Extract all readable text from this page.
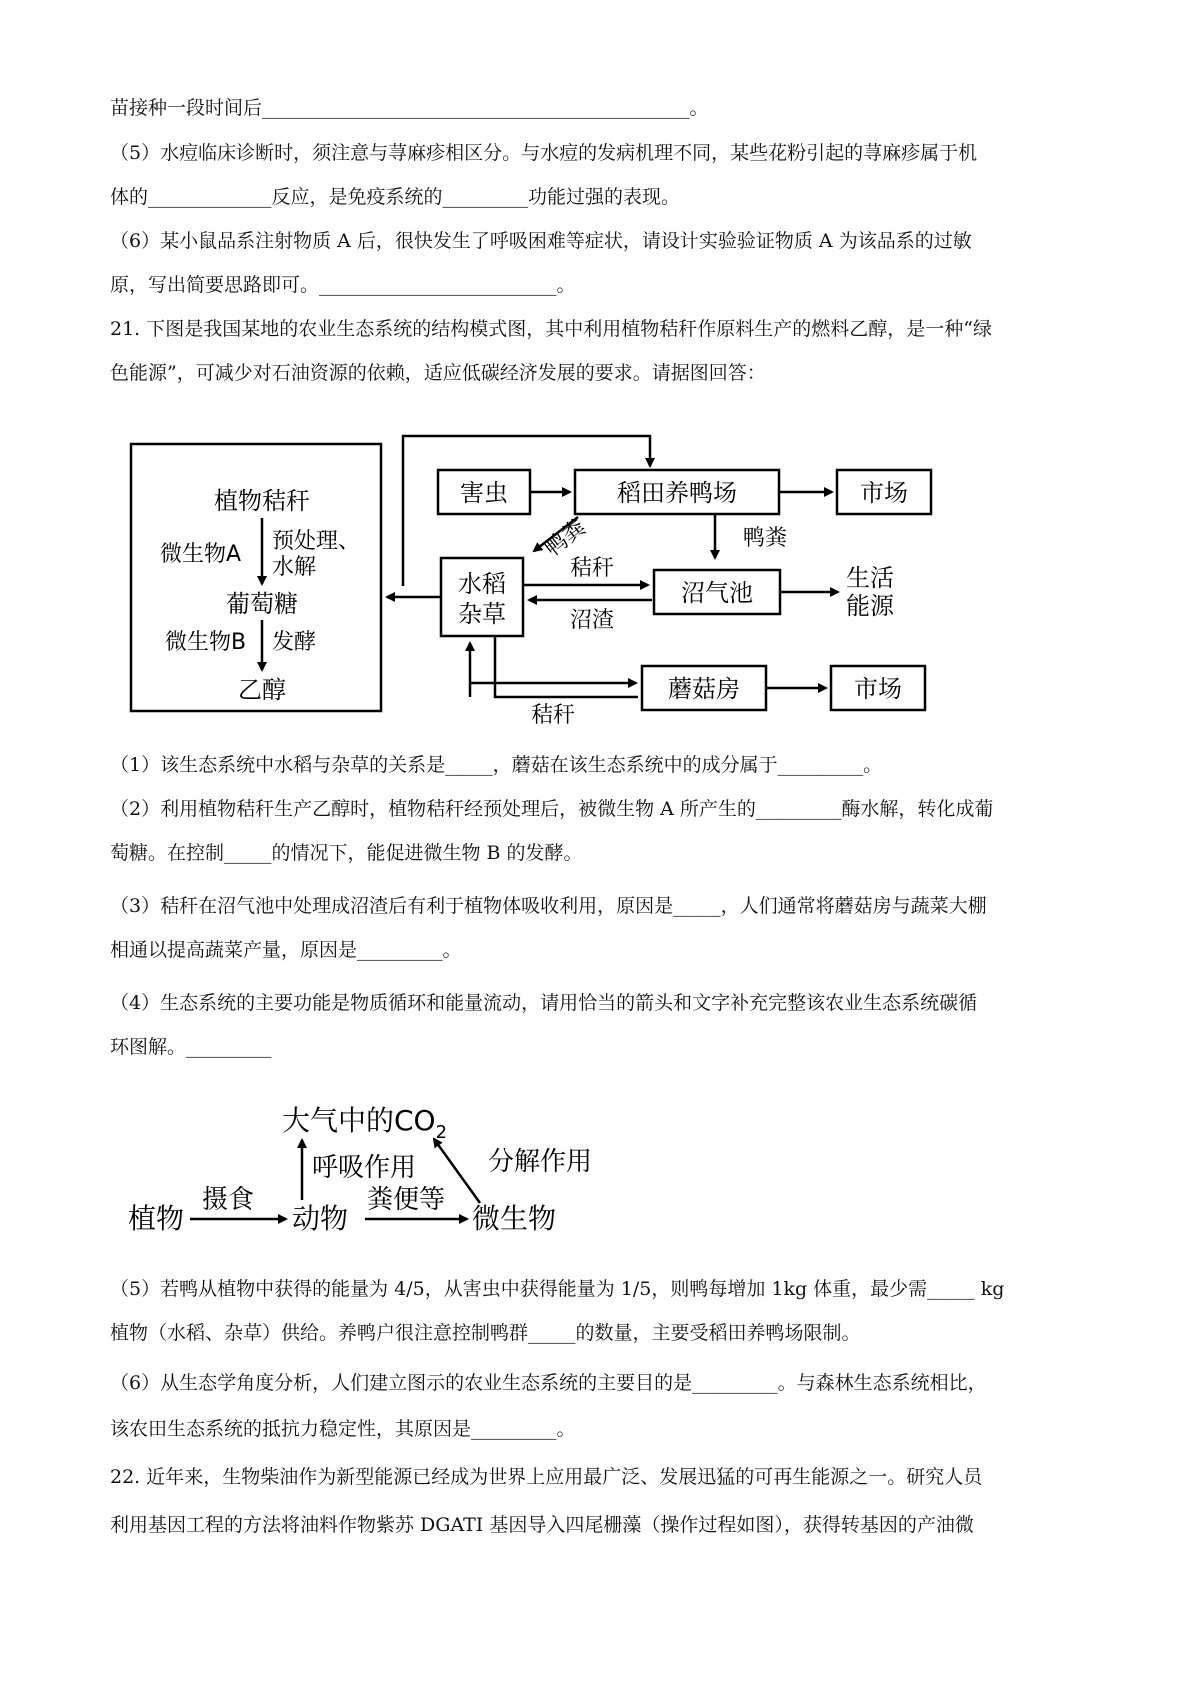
苗接种一段时间后_____________________________________________。
（5）水痘临床诊断时，须注意与荨麻疹相区分。与水痘的发病机理不同，某些花粉引起的荨麻疹属于机
体的_____________反应，是免疫系统的_________功能过强的表现。
（6）某小鼠品系注射物质 A 后，很快发生了呼吸困难等症状，请设计实验验证物质 A 为该品系的过敏
原，写出简要思路即可。_________________________。
21. 下图是我国某地的农业生态系统的结构模式图，其中利用植物秸秆作原料生产的燃料乙醇，是一种“绿
色能源”，可减少对石油资源的依赖，适应低碳经济发展的要求。请据图回答：
植物秸秆
微生物A
预处理、
水解
葡萄糖
微生物B 发酵
乙醇
害虫	稻田养鸭场	市场
鸭粪	鸭粪
水稻
杂草
秸秆
沼渣
沼气池
生活
能源
秸秆
蘑菇房	市场
大气中的$CO_2$
呼吸作用	分解作用
植物
摄食
动物
粪便等
微生物
（1）该生态系统中水稻与杂草的关系是_____，蘑菇在该生态系统中的成分属于_________。
（2）利用植物秸秆生产乙醇时，植物秸秆经预处理后，被微生物 A 所产生的_________酶水解，转化成葡
萄糖。在控制_____的情况下，能促进微生物 B 的发酵。
（3）秸秆在沼气池中处理成沼渣后有利于植物体吸收利用，原因是_____，人们通常将蘑菇房与蔬菜大棚
相通以提高蔬菜产量，原因是_________。
（4）生态系统的主要功能是物质循环和能量流动，请用恰当的箭头和文字补充完整该农业生态系统碳循
环图解。_________
（5）若鸭从植物中获得的能量为 4/5，从害虫中获得能量为 1/5，则鸭每增加 1kg 体重，最少需_____ kg
植物（水稻、杂草）供给。养鸭户很注意控制鸭群_____的数量，主要受稻田养鸭场限制。
（6）从生态学角度分析，人们建立图示的农业生态系统的主要目的是_________。与森林生态系统相比，
该农田生态系统的抵抗力稳定性，其原因是_________。
22. 近年来，生物柴油作为新型能源已经成为世界上应用最广泛、发展迅猛的可再生能源之一。研究人员
利用基因工程的方法将油料作物紫苏 DGATI 基因导入四尾栅藻（操作过程如图），获得转基因的产油微
